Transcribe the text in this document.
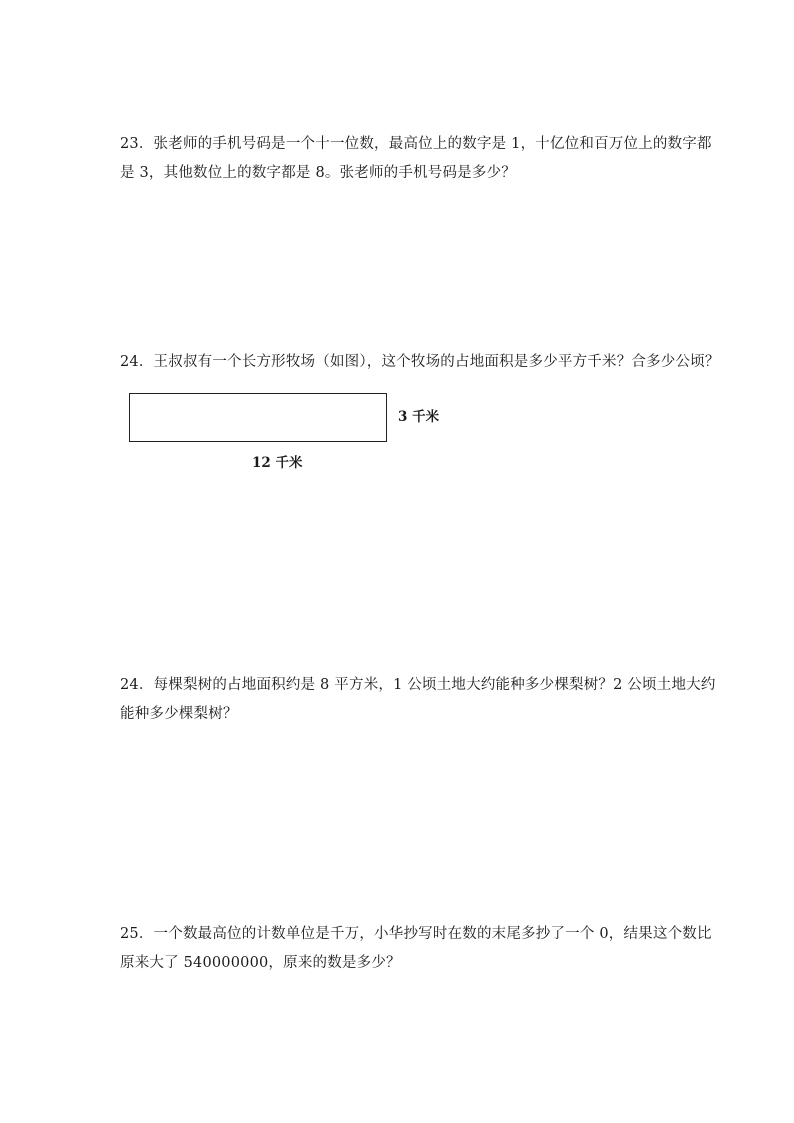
23．张老师的手机号码是一个十一位数，最高位上的数字是 1，十亿位和百万位上的数字都

是 3，其他数位上的数字都是 8。张老师的手机号码是多少？

24．王叔叔有一个长方形牧场（如图），这个牧场的占地面积是多少平方千米？合多少公顷？

3 千米
12 千米

24．每棵梨树的占地面积约是 8 平方米，1 公顷土地大约能种多少棵梨树？2 公顷土地大约

能种多少棵梨树？

25．一个数最高位的计数单位是千万，小华抄写时在数的末尾多抄了一个 0，结果这个数比

原来大了 540000000，原来的数是多少？
